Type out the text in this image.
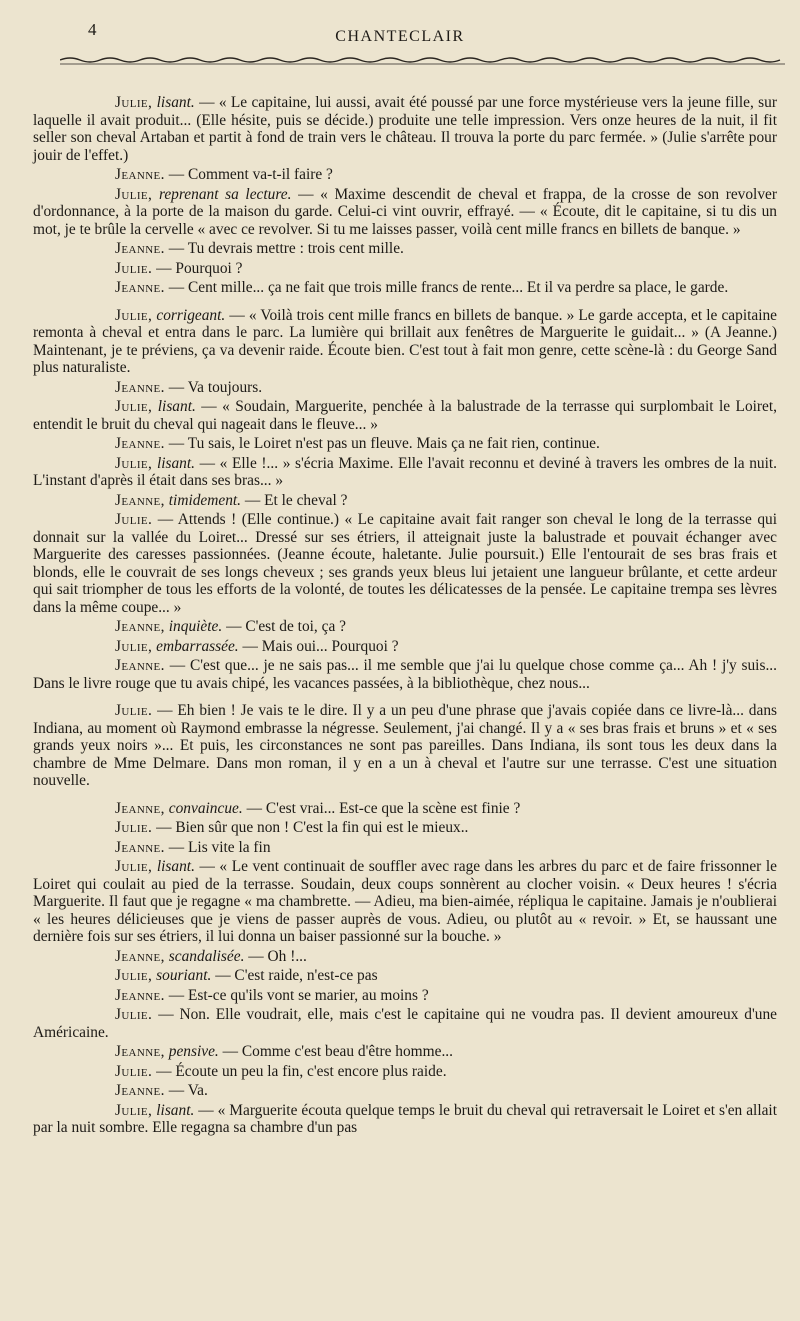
4	CHANTECLAIR

Julie, lisant. — « Le capitaine, lui aussi, avait été poussé par une force mystérieuse vers la jeune fille, sur laquelle il avait produit... (Elle hésite, puis se décide.) produite une telle impression. Vers onze heures de la nuit, il fit seller son cheval Artaban et partit à fond de train vers le château. Il trouva la porte du parc fermée. » (Julie s'arrête pour jouir de l'effet.)

Jeanne. — Comment va-t-il faire ?

Julie, reprenant sa lecture. — « Maxime descendit de cheval et frappa, de la crosse de son revolver d'ordonnance, à la porte de la maison du garde. Celui-ci vint ouvrir, effrayé. — « Écoute, dit le capitaine, si tu dis un mot, je te brûle la cervelle « avec ce revolver. Si tu me laisses passer, voilà cent mille francs en billets de banque. »

Jeanne. — Tu devrais mettre : trois cent mille.

Julie. — Pourquoi ?

Jeanne. — Cent mille... ça ne fait que trois mille francs de rente... Et il va perdre sa place, le garde.

Julie, corrigeant. — « Voilà trois cent mille francs en billets de banque. » Le garde accepta, et le capitaine remonta à cheval et entra dans le parc. La lumière qui brillait aux fenêtres de Marguerite le guidait... » (A Jeanne.) Maintenant, je te préviens, ça va devenir raide. Écoute bien. C'est tout à fait mon genre, cette scène-là : du George Sand plus naturaliste.

Jeanne. — Va toujours.

Julie, lisant. — « Soudain, Marguerite, penchée à la balustrade de la terrasse qui surplombait le Loiret, entendit le bruit du cheval qui nageait dans le fleuve... »

Jeanne. — Tu sais, le Loiret n'est pas un fleuve. Mais ça ne fait rien, continue.

Julie, lisant. — « Elle !... » s'écria Maxime. Elle l'avait reconnu et deviné à travers les ombres de la nuit. L'instant d'après il était dans ses bras... »

Jeanne, timidement. — Et le cheval ?

Julie. — Attends ! (Elle continue.) « Le capitaine avait fait ranger son cheval le long de la terrasse qui donnait sur la vallée du Loiret... Dressé sur ses étriers, il atteignait juste la balustrade et pouvait échanger avec Marguerite des caresses passionnées. (Jeanne écoute, haletante. Julie poursuit.) Elle l'entourait de ses bras frais et blonds, elle le couvrait de ses longs cheveux ; ses grands yeux bleus lui jetaient une langueur brûlante, et cette ardeur qui sait triompher de tous les efforts de la volonté, de toutes les délicatesses de la pensée. Le capitaine trempa ses lèvres dans la même coupe... »

Jeanne, inquiète. — C'est de toi, ça ?

Julie, embarrassée. — Mais oui... Pourquoi ?

Jeanne. — C'est que... je ne sais pas... il me semble que j'ai lu quelque chose comme ça... Ah ! j'y suis... Dans le livre rouge que tu avais chipé, les vacances passées, à la bibliothèque, chez nous...

Julie. — Eh bien ! Je vais te le dire. Il y a un peu d'une phrase que j'avais copiée dans ce livre-là... dans Indiana, au moment où Raymond embrasse la négresse. Seulement, j'ai changé. Il y a « ses bras frais et bruns » et « ses grands yeux noirs »... Et puis, les circonstances ne sont pas pareilles. Dans Indiana, ils sont tous les deux dans la chambre de Mme Delmare. Dans mon roman, il y en a un à cheval et l'autre sur une terrasse. C'est une situation nouvelle.

Jeanne, convaincue. — C'est vrai... Est-ce que la scène est finie ?

Julie. — Bien sûr que non ! C'est la fin qui est le mieux..

Jeanne. — Lis vite la fin

Julie, lisant. — « Le vent continuait de souffler avec rage dans les arbres du parc et de faire frissonner le Loiret qui coulait au pied de la terrasse. Soudain, deux coups sonnèrent au clocher voisin. « Deux heures ! s'écria Marguerite. Il faut que je regagne « ma chambrette. — Adieu, ma bien-aimée, répliqua le capitaine. Jamais je n'oublierai « les heures délicieuses que je viens de passer auprès de vous. Adieu, ou plutôt au « revoir. » Et, se haussant une dernière fois sur ses étriers, il lui donna un baiser passionné sur la bouche. »

Jeanne, scandalisée. — Oh !...

Julie, souriant. — C'est raide, n'est-ce pas

Jeanne. — Est-ce qu'ils vont se marier, au moins ?

Julie. — Non. Elle voudrait, elle, mais c'est le capitaine qui ne voudra pas. Il devient amoureux d'une Américaine.

Jeanne, pensive. — Comme c'est beau d'être homme...

Julie. — Écoute un peu la fin, c'est encore plus raide.

Jeanne. — Va.

Julie, lisant. — « Marguerite écouta quelque temps le bruit du cheval qui retraversait le Loiret et s'en allait par la nuit sombre. Elle regagna sa chambre d'un pas
